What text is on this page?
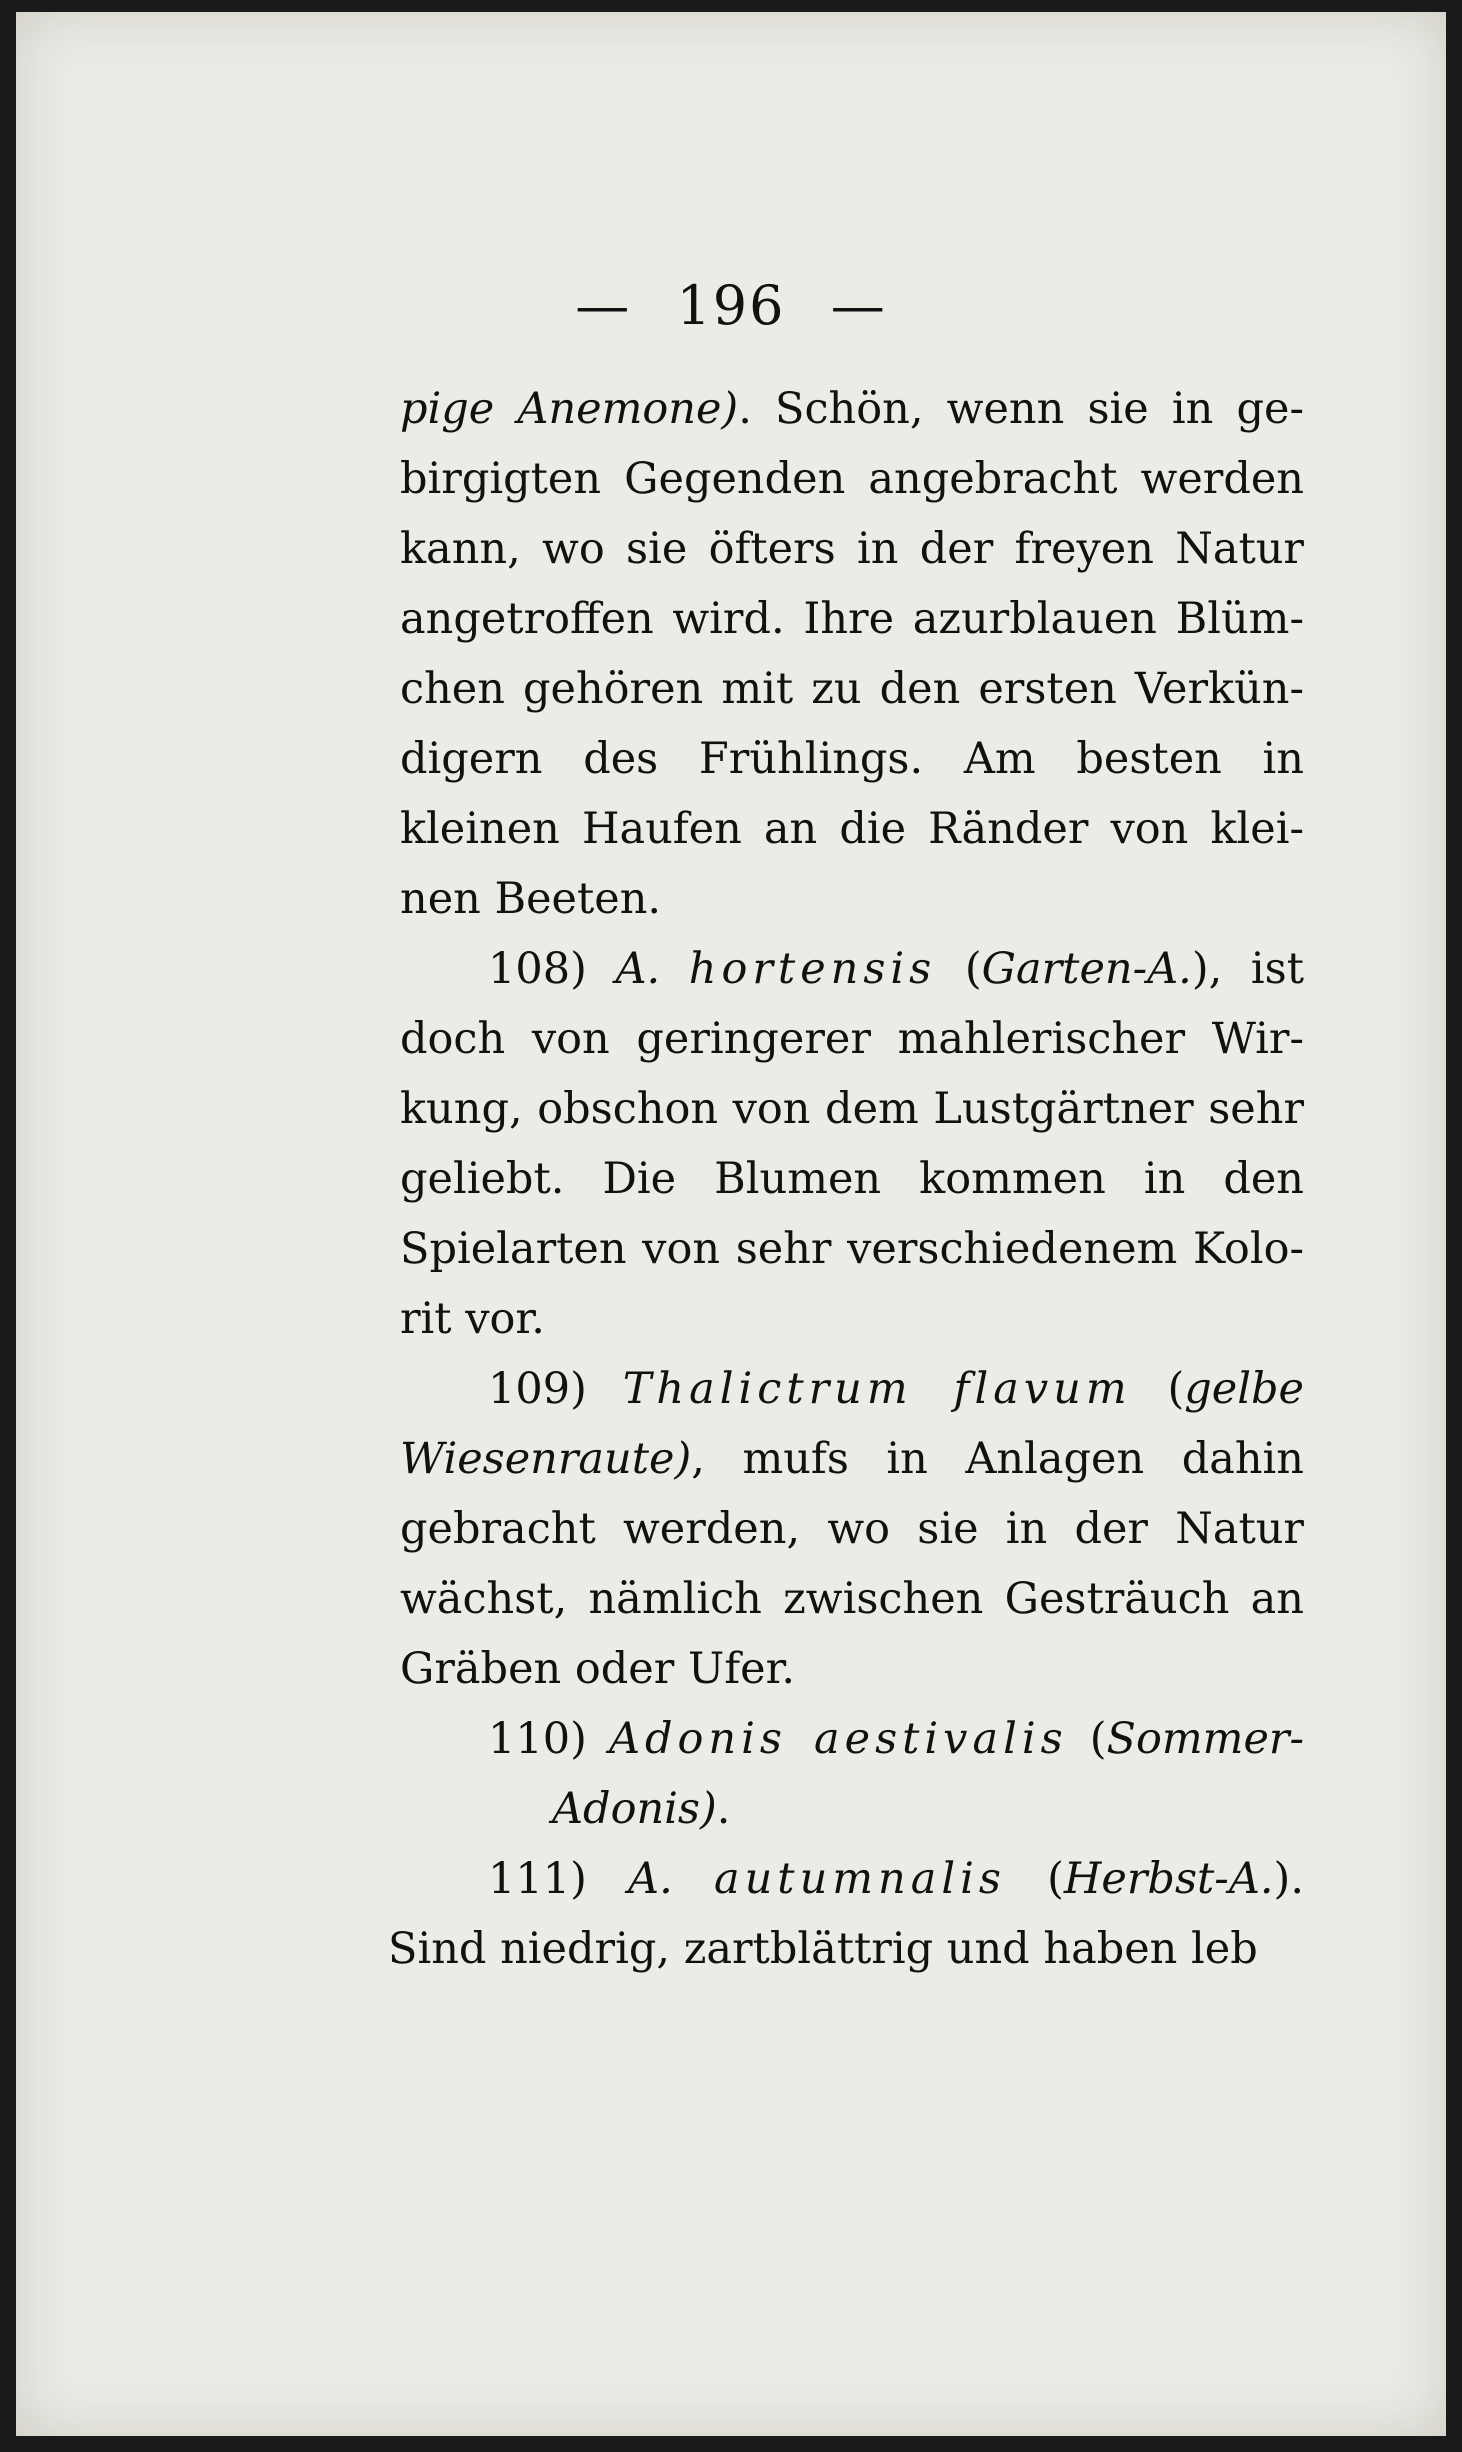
— 196 —
pige Anemone). Schön, wenn sie in ge-
birgigten Gegenden angebracht werden
kann, wo sie öfters in der freyen Natur
angetroffen wird. Ihre azurblauen Blüm-
chen gehören mit zu den ersten Verkün-
digern des Frühlings. Am besten in
kleinen Haufen an die Ränder von klei-
nen Beeten.
108) A. hortensis (Garten-A.), ist
doch von geringerer mahlerischer Wir-
kung, obschon von dem Lustgärtner sehr
geliebt. Die Blumen kommen in den
Spielarten von sehr verschiedenem Kolo-
rit vor.
109) Thalictrum flavum (gelbe
Wiesenraute), mufs in Anlagen dahin
gebracht werden, wo sie in der Natur
wächst, nämlich zwischen Gesträuch an
Gräben oder Ufer.
110) Adonis aestivalis (Sommer-
Adonis).
111) A. autumnalis (Herbst-A.).
Sind niedrig, zartblättrig und haben leb
